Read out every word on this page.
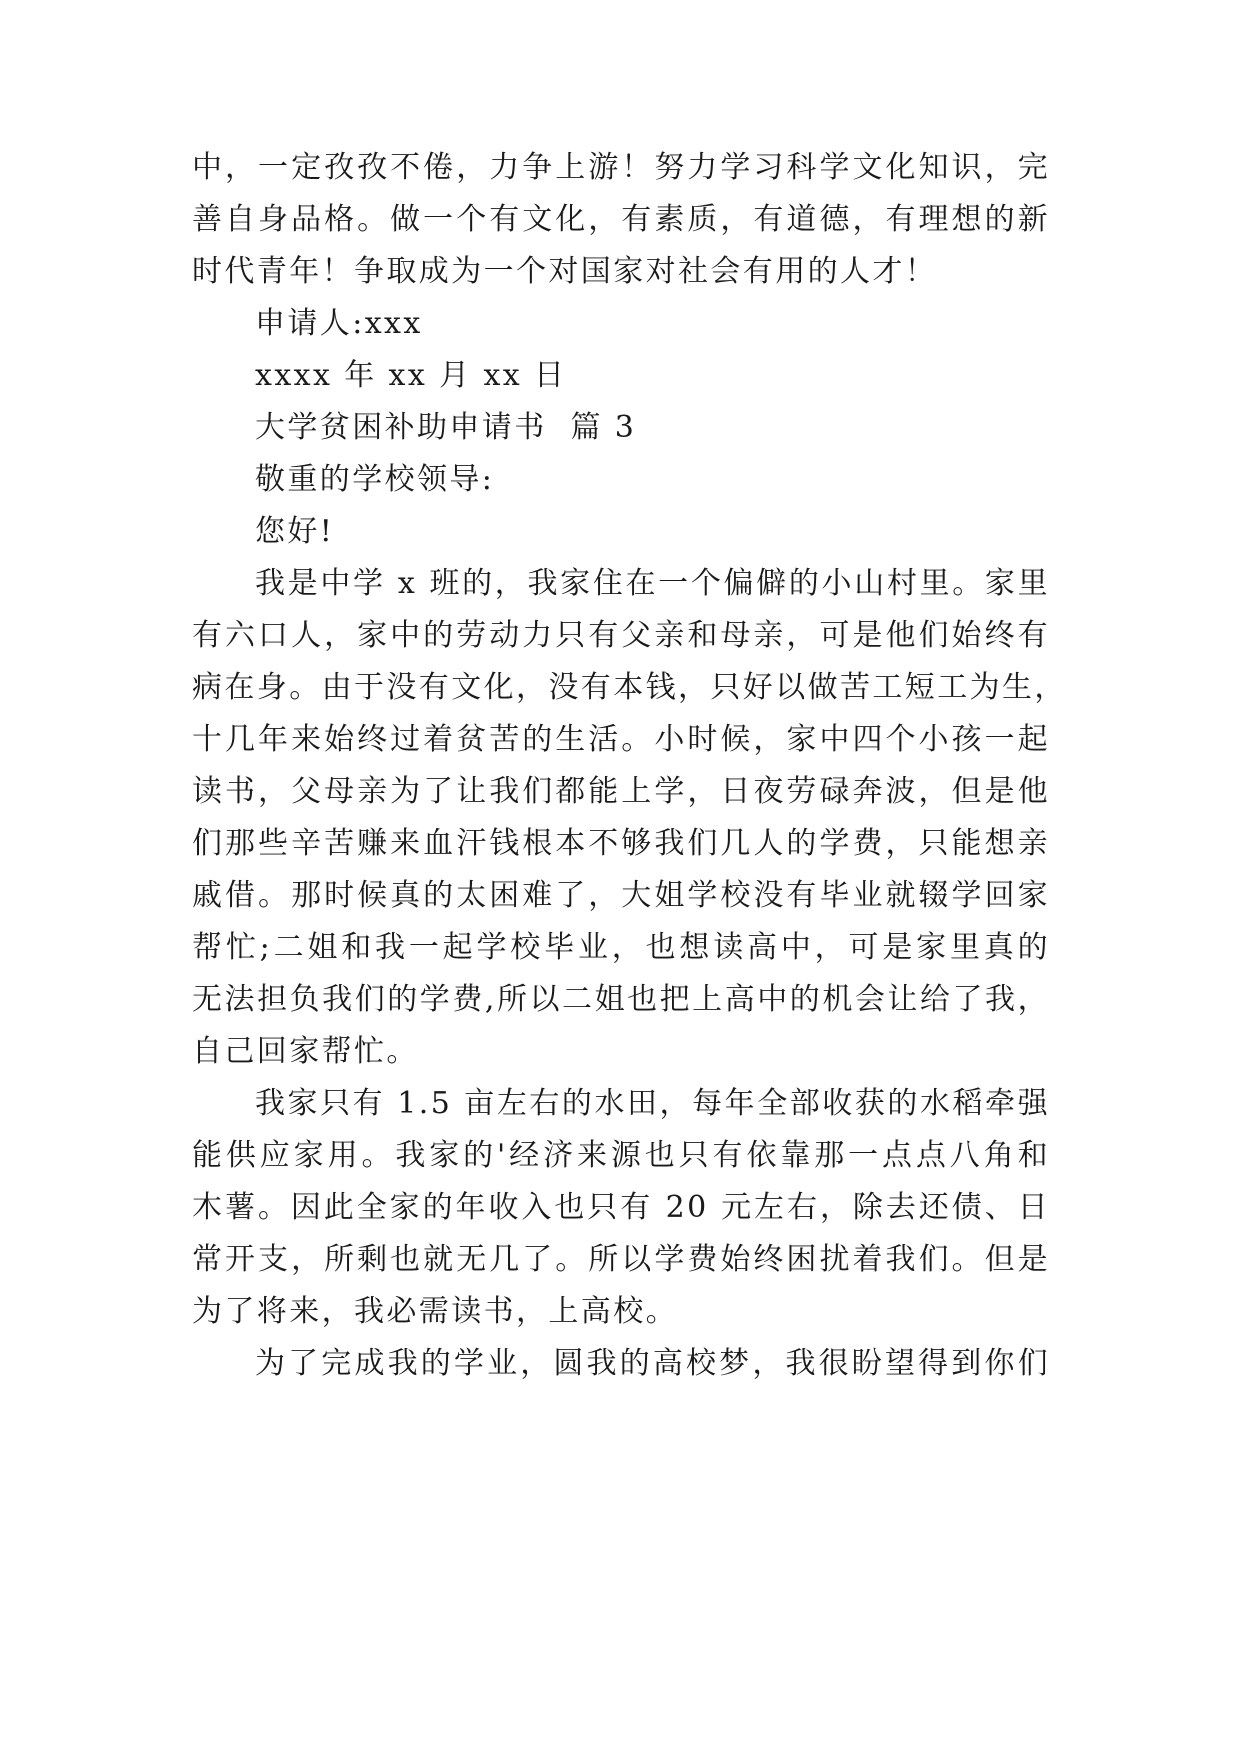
中，一定孜孜不倦，力争上游！努力学习科学文化知识，完
善自身品格。做一个有文化，有素质，有道德，有理想的新
时代青年！争取成为一个对国家对社会有用的人才！
申请人:xxx
xxxx 年 xx 月 xx 日
大学贫困补助申请书  篇 3
敬重的学校领导:
您好!
我是中学 x 班的，我家住在一个偏僻的小山村里。家里
有六口人，家中的劳动力只有父亲和母亲，可是他们始终有
病在身。由于没有文化，没有本钱，只好以做苦工短工为生，
十几年来始终过着贫苦的生活。小时候，家中四个小孩一起
读书，父母亲为了让我们都能上学，日夜劳碌奔波，但是他
们那些辛苦赚来血汗钱根本不够我们几人的学费，只能想亲
戚借。那时候真的太困难了，大姐学校没有毕业就辍学回家
帮忙;二姐和我一起学校毕业，也想读高中，可是家里真的
无法担负我们的学费,所以二姐也把上高中的机会让给了我，
自己回家帮忙。
我家只有 1.5 亩左右的水田，每年全部收获的水稻牵强
能供应家用。我家的'经济来源也只有依靠那一点点八角和
木薯。因此全家的年收入也只有 20 元左右，除去还债、日
常开支，所剩也就无几了。所以学费始终困扰着我们。但是
为了将来，我必需读书，上高校。
为了完成我的学业，圆我的高校梦，我很盼望得到你们
